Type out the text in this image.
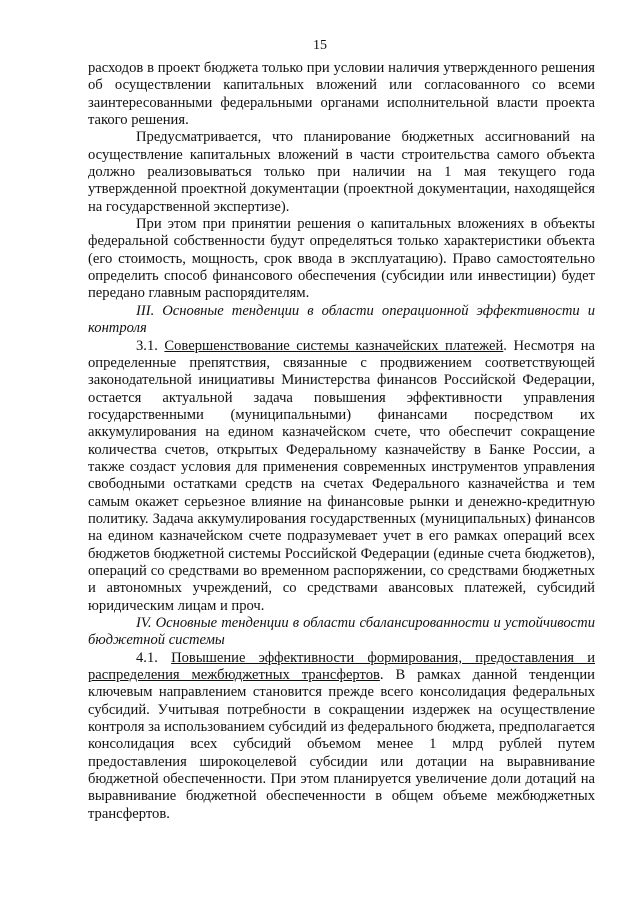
15

расходов в проект бюджета только при условии наличия утвержденного решения об осуществлении капитальных вложений или согласованного со всеми заинтересованными федеральными органами исполнительной власти проекта такого решения.

Предусматривается, что планирование бюджетных ассигнований на осуществление капитальных вложений в части строительства самого объекта должно реализовываться только при наличии на 1 мая текущего года утвержденной проектной документации (проектной документации, находящейся на государственной экспертизе).

При этом при принятии решения о капитальных вложениях в объекты федеральной собственности будут определяться только характеристики объекта (его стоимость, мощность, срок ввода в эксплуатацию). Право самостоятельно определить способ финансового обеспечения (субсидии или инвестиции) будет передано главным распорядителям.

III. Основные тенденции в области операционной эффективности и контроля

3.1. Совершенствование системы казначейских платежей. Несмотря на определенные препятствия, связанные с продвижением соответствующей законодательной инициативы Министерства финансов Российской Федерации, остается актуальной задача повышения эффективности управления государственными (муниципальными) финансами посредством их аккумулирования на едином казначейском счете, что обеспечит сокращение количества счетов, открытых Федеральному казначейству в Банке России, а также создаст условия для применения современных инструментов управления свободными остатками средств на счетах Федерального казначейства и тем самым окажет серьезное влияние на финансовые рынки и денежно-кредитную политику. Задача аккумулирования государственных (муниципальных) финансов на едином казначейском счете подразумевает учет в его рамках операций всех бюджетов бюджетной системы Российской Федерации (единые счета бюджетов), операций со средствами во временном распоряжении, со средствами бюджетных и автономных учреждений, со средствами авансовых платежей, субсидий юридическим лицам и проч.

IV. Основные тенденции в области сбалансированности и устойчивости бюджетной системы

4.1. Повышение эффективности формирования, предоставления и распределения межбюджетных трансфертов. В рамках данной тенденции ключевым направлением становится прежде всего консолидация федеральных субсидий. Учитывая потребности в сокращении издержек на осуществление контроля за использованием субсидий из федерального бюджета, предполагается консолидация всех субсидий объемом менее 1 млрд рублей путем предоставления широкоцелевой субсидии или дотации на выравнивание бюджетной обеспеченности. При этом планируется увеличение доли дотаций на выравнивание бюджетной обеспеченности в общем объеме межбюджетных трансфертов.
